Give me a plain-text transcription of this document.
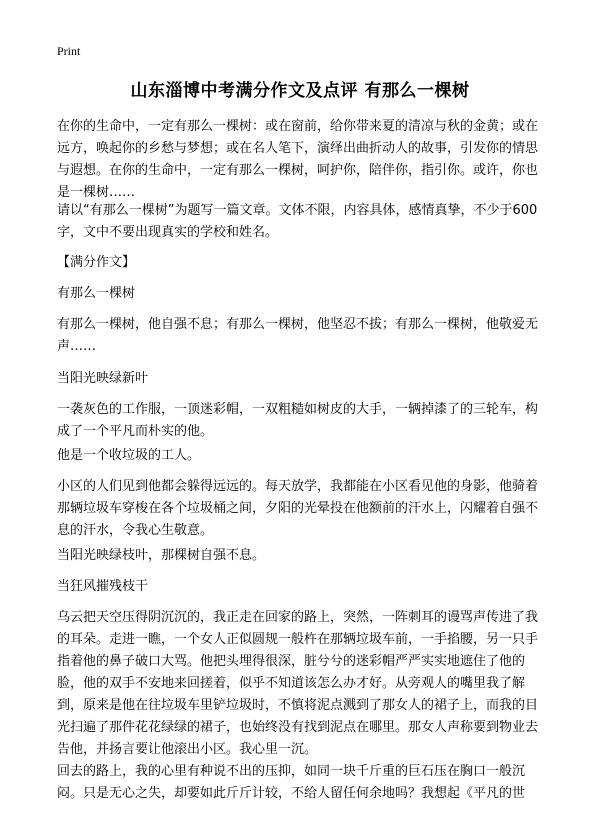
Print
山东淄博中考满分作文及点评 有那么一棵树

在你的生命中，一定有那么一棵树：或在窗前，给你带来夏的清凉与秋的金黄；或在远方，唤起你的乡愁与梦想；或在名人笔下，演绎出曲折动人的故事，引发你的情思与遐想。在你的生命中，一定有那么一棵树，呵护你，陪伴你，指引你。或许，你也是一棵树……

请以“有那么一棵树”为题写一篇文章。文体不限，内容具体，感情真挚，不少于600字，文中不要出现真实的学校和姓名。

【满分作文】

有那么一棵树

有那么一棵树，他自强不息；有那么一棵树，他坚忍不拔；有那么一棵树，他敬爱无声……

当阳光映绿新叶

一袭灰色的工作服，一顶迷彩帽，一双粗糙如树皮的大手，一辆掉漆了的三轮车，构成了一个平凡而朴实的他。

他是一个收垃圾的工人。

小区的人们见到他都会躲得远远的。每天放学，我都能在小区看见他的身影，他骑着那辆垃圾车穿梭在各个垃圾桶之间，夕阳的光晕投在他额前的汗水上，闪耀着自强不息的汗水，令我心生敬意。

当阳光映绿枝叶，那棵树自强不息。

当狂风摧残枝干

乌云把天空压得阴沉沉的，我正走在回家的路上，突然，一阵刺耳的谩骂声传进了我的耳朵。走进一瞧，一个女人正似圆规一般杵在那辆垃圾车前，一手掐腰，另一只手指着他的鼻子破口大骂。他把头埋得很深，脏兮兮的迷彩帽严严实实地遮住了他的脸，他的双手不安地来回搓着，似乎不知道该怎么办才好。从旁观人的嘴里我了解到，原来是他在往垃圾车里铲垃圾时，不慎将泥点溅到了那女人的裙子上，而我的目光扫遍了那件花花绿绿的裙子，也始终没有找到泥点在哪里。那女人声称要到物业去告他，并扬言要让他滚出小区。我心里一沉。

回去的路上，我的心里有种说不出的压抑，如同一块千斤重的巨石压在胸口一般沉闷。只是无心之失，却要如此斤斤计较，不给人留任何余地吗？我想起《平凡的世
